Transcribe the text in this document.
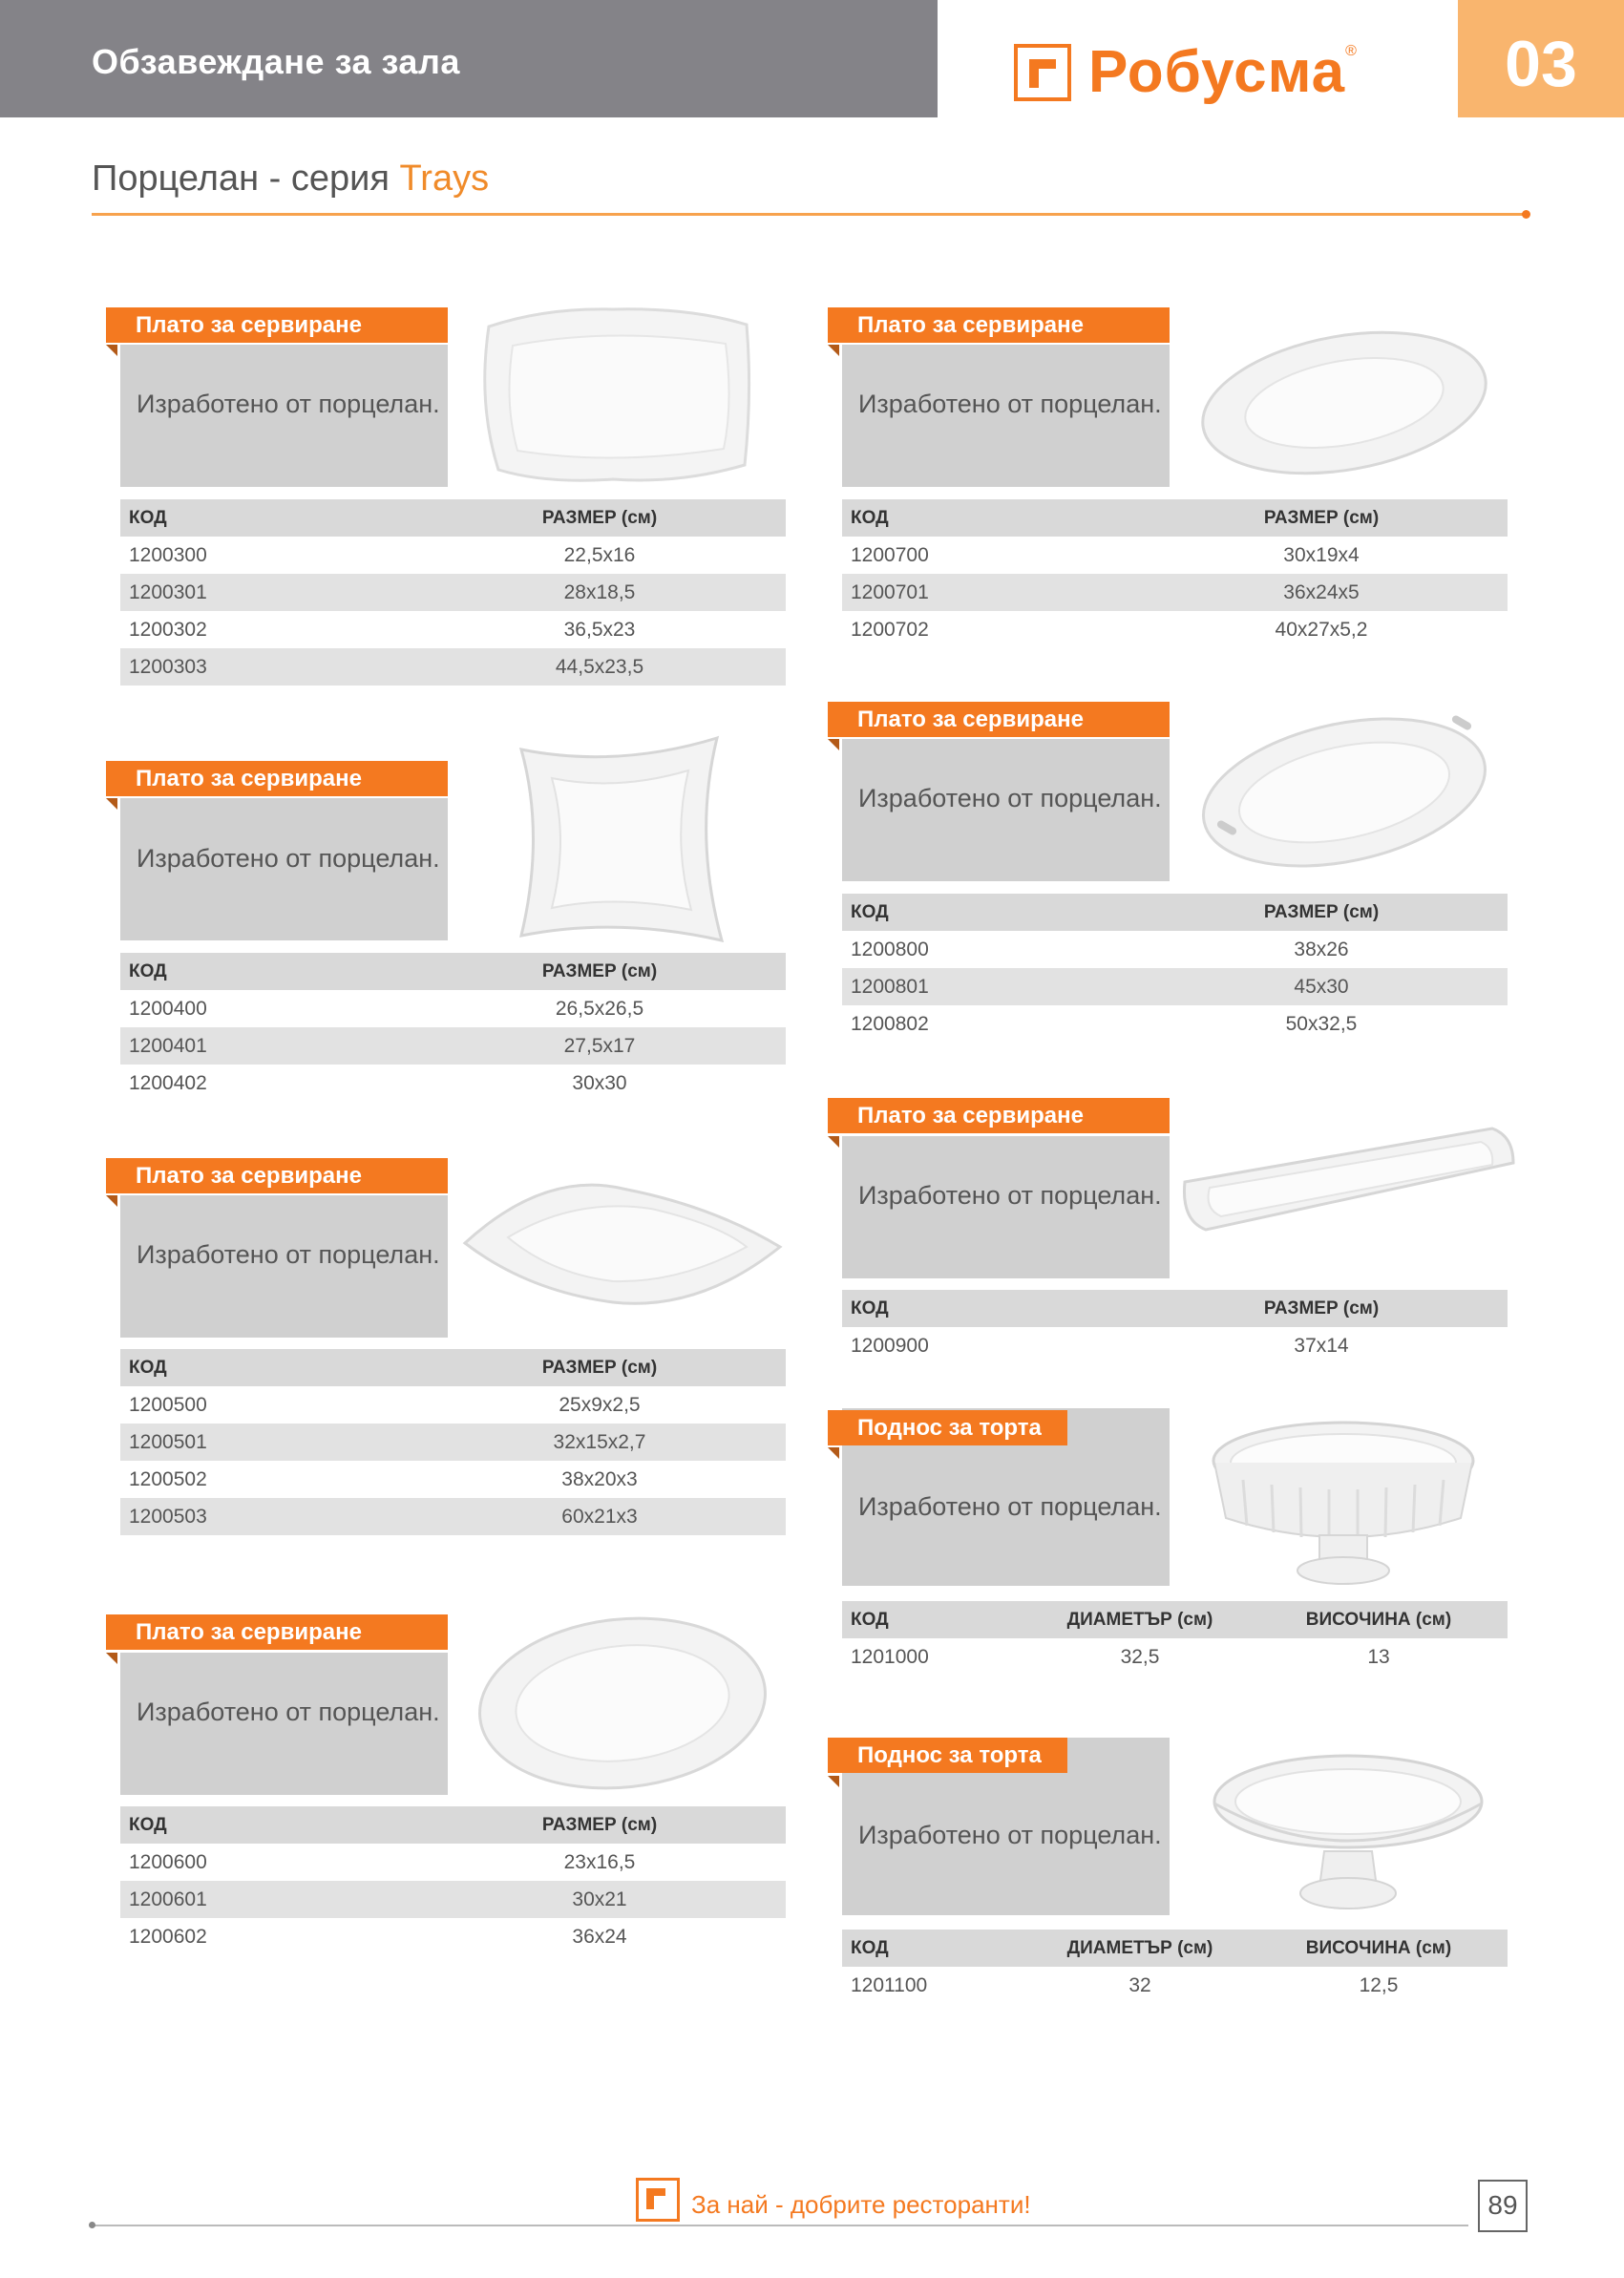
Обзавеждане за зала	Робусма ®	03
Порцелан - серия Trays
Плато за сервиране
Изработено от порцелан.
КОД	РАЗМЕР (см)
1200300	22,5x16
1200301	28x18,5
1200302	36,5x23
1200303	44,5x23,5
Плато за сервиране
Изработено от порцелан.
КОД	РАЗМЕР (см)
1200700	30x19x4
1200701	36x24x5
1200702	40x27x5,2
Плато за сервиране
Изработено от порцелан.
КОД	РАЗМЕР (см)
1200400	26,5x26,5
1200401	27,5x17
1200402	30x30
Плато за сервиране
Изработено от порцелан.
КОД	РАЗМЕР (см)
1200800	38x26
1200801	45x30
1200802	50x32,5
Плато за сервиране
Изработено от порцелан.
КОД	РАЗМЕР (см)
1200500	25x9x2,5
1200501	32x15x2,7
1200502	38x20x3
1200503	60x21x3
Плато за сервиране
Изработено от порцелан.
КОД	РАЗМЕР (см)
1200900	37x14
Поднос за торта
Изработено от порцелан.
КОД	ДИАМЕТЪР (см)	ВИСОЧИНА (см)
1201000	32,5	13
Плато за сервиране
Изработено от порцелан.
КОД	РАЗМЕР (см)
1200600	23x16,5
1200601	30x21
1200602	36x24
Поднос за торта
Изработено от порцелан.
КОД	ДИАМЕТЪР (см)	ВИСОЧИНА (см)
1201100	32	12,5
За най - добрите ресторанти!	89
